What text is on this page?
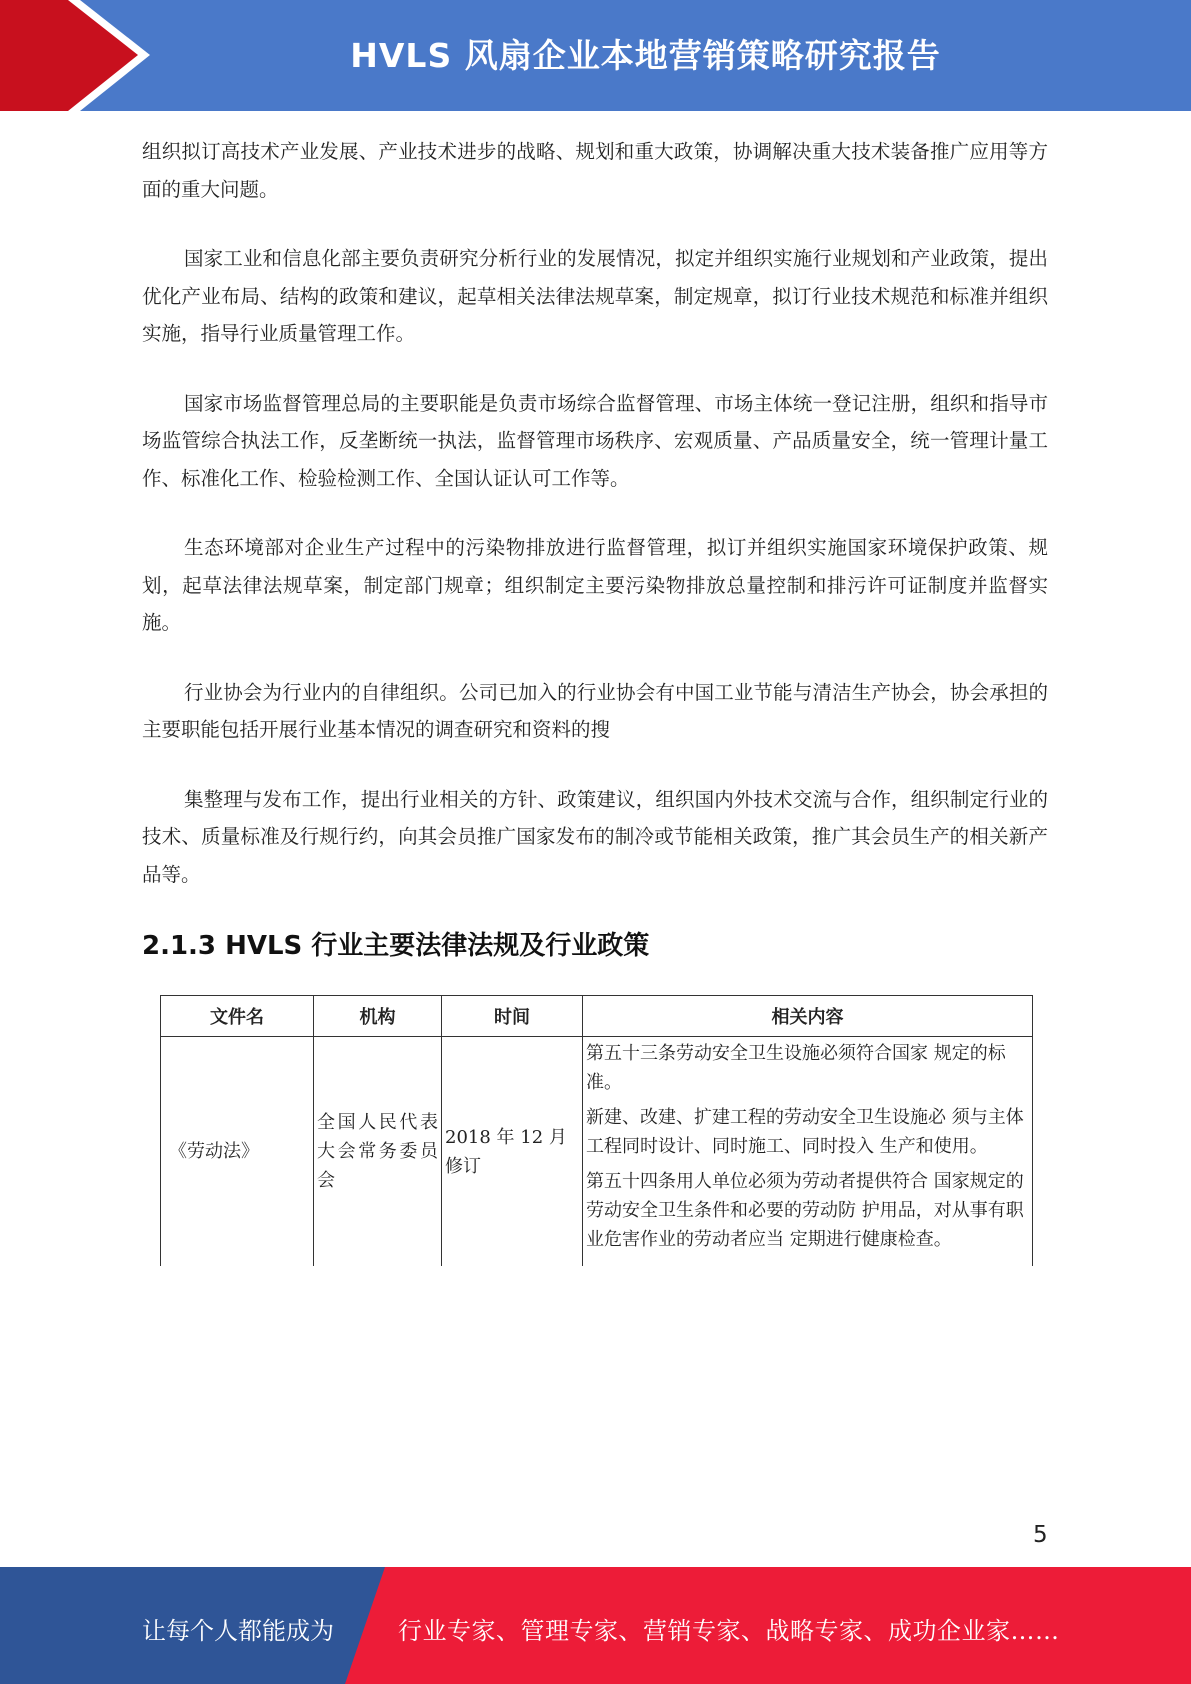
HVLS 风扇企业本地营销策略研究报告

组织拟订高技术产业发展、产业技术进步的战略、规划和重大政策，协调解决重大技术装备推广应用等方面的重大问题。

国家工业和信息化部主要负责研究分析行业的发展情况，拟定并组织实施行业规划和产业政策，提出优化产业布局、结构的政策和建议，起草相关法律法规草案，制定规章，拟订行业技术规范和标准并组织实施，指导行业质量管理工作。

国家市场监督管理总局的主要职能是负责市场综合监督管理、市场主体统一登记注册，组织和指导市场监管综合执法工作，反垄断统一执法，监督管理市场秩序、宏观质量、产品质量安全，统一管理计量工作、标准化工作、检验检测工作、全国认证认可工作等。

生态环境部对企业生产过程中的污染物排放进行监督管理，拟订并组织实施国家环境保护政策、规划，起草法律法规草案，制定部门规章；组织制定主要污染物排放总量控制和排污许可证制度并监督实施。

行业协会为行业内的自律组织。公司已加入的行业协会有中国工业节能与清洁生产协会，协会承担的主要职能包括开展行业基本情况的调查研究和资料的搜

集整理与发布工作，提出行业相关的方针、政策建议，组织国内外技术交流与合作，组织制定行业的技术、质量标准及行规行约，向其会员推广国家发布的制冷或节能相关政策，推广其会员生产的相关新产品等。

2.1.3 HVLS 行业主要法律法规及行业政策
文件名	机构	时间	相关内容
《劳动法》	全国人民代表大会常务委员会	2018 年 12 月修订	第五十三条劳动安全卫生设施必须符合国家 规定的标准。
新建、改建、扩建工程的劳动安全卫生设施必 须与主体工程同时设计、同时施工、同时投入 生产和使用。
第五十四条用人单位必须为劳动者提供符合 国家规定的劳动安全卫生条件和必要的劳动防 护用品，对从事有职业危害作业的劳动者应当 定期进行健康检查。
5
让每个人都能成为	行业专家、管理专家、营销专家、战略专家、成功企业家……
